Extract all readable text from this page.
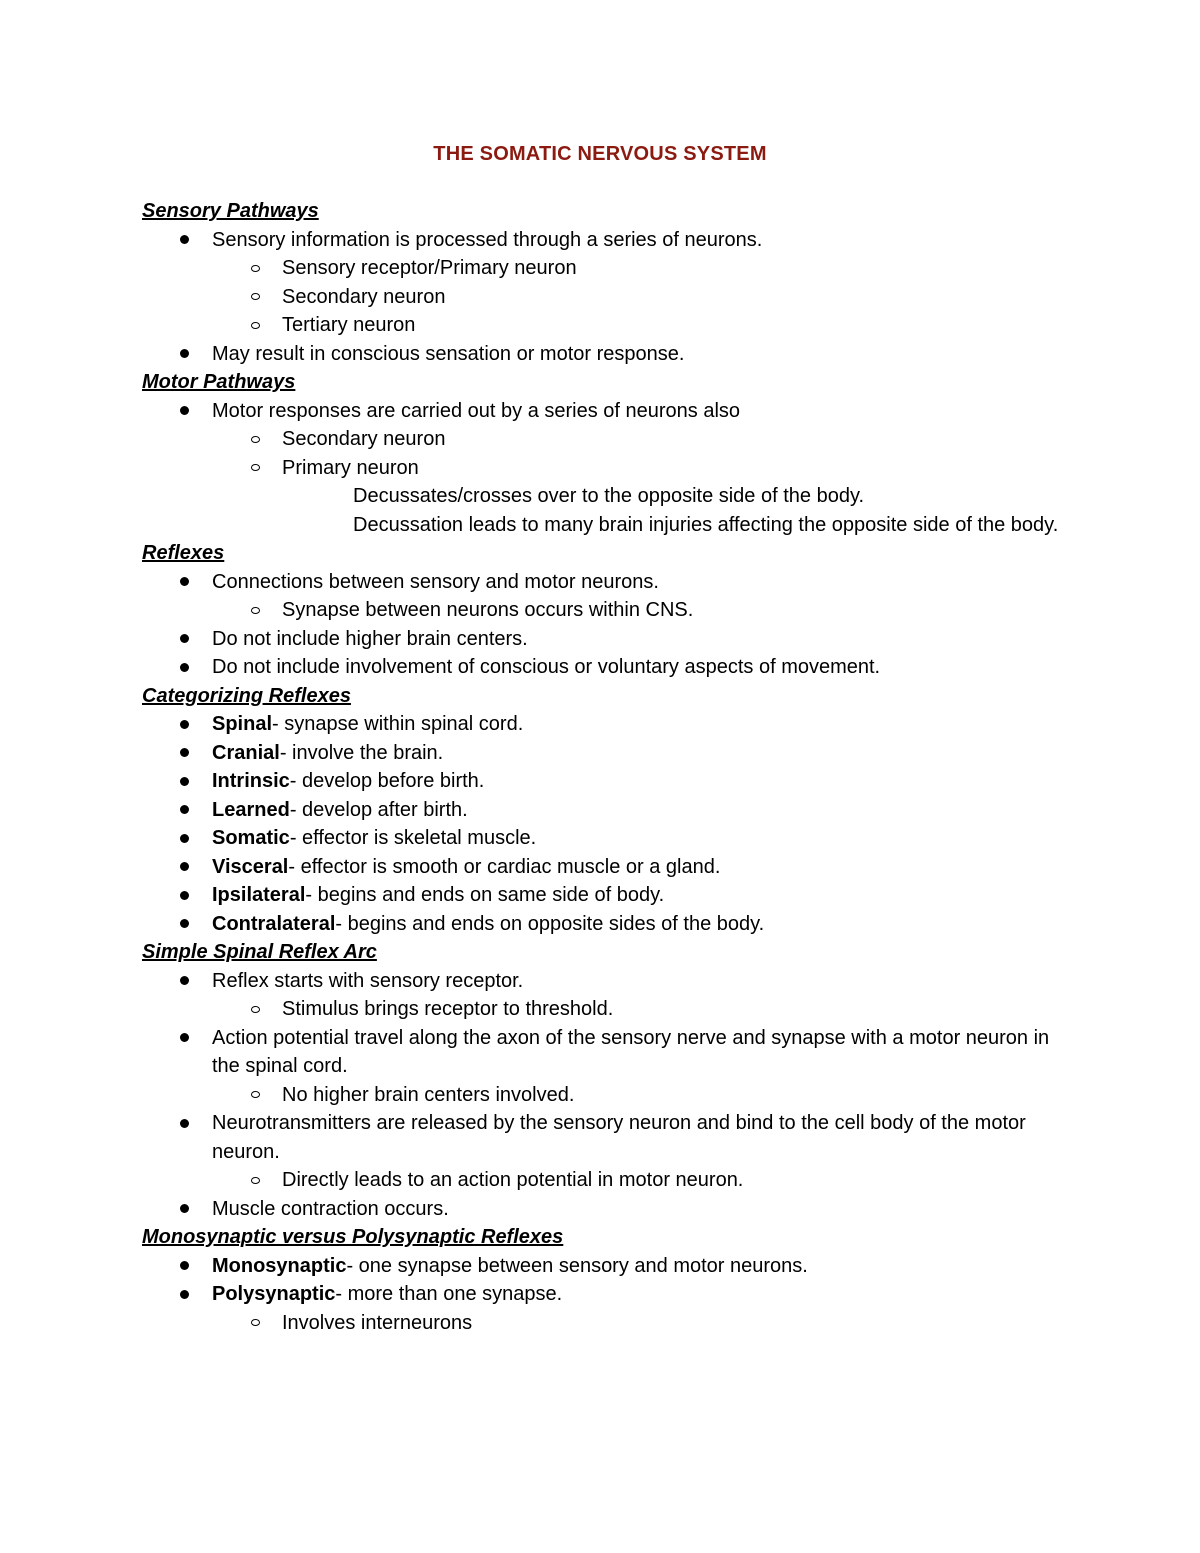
THE SOMATIC NERVOUS SYSTEM
Sensory Pathways
Sensory information is processed through a series of neurons.
Sensory receptor/Primary neuron
Secondary neuron
Tertiary neuron
May result in conscious sensation or motor response.
Motor Pathways
Motor responses are carried out by a series of neurons also
Secondary neuron
Primary neuron
Decussates/crosses over to the opposite side of the body.
Decussation leads to many brain injuries affecting the opposite side of the body.
Reflexes
Connections between sensory and motor neurons.
Synapse between neurons occurs within CNS.
Do not include higher brain centers.
Do not include involvement of conscious or voluntary aspects of movement.
Categorizing Reflexes
Spinal- synapse within spinal cord.
Cranial- involve the brain.
Intrinsic- develop before birth.
Learned- develop after birth.
Somatic- effector is skeletal muscle.
Visceral- effector is smooth or cardiac muscle or a gland.
Ipsilateral- begins and ends on same side of body.
Contralateral- begins and ends on opposite sides of the body.
Simple Spinal Reflex Arc
Reflex starts with sensory receptor.
Stimulus brings receptor to threshold.
Action potential travel along the axon of the sensory nerve and synapse with a motor neuron in the spinal cord.
No higher brain centers involved.
Neurotransmitters are released by the sensory neuron and bind to the cell body of the motor neuron.
Directly leads to an action potential in motor neuron.
Muscle contraction occurs.
Monosynaptic versus Polysynaptic Reflexes
Monosynaptic- one synapse between sensory and motor neurons.
Polysynaptic- more than one synapse.
Involves interneurons
